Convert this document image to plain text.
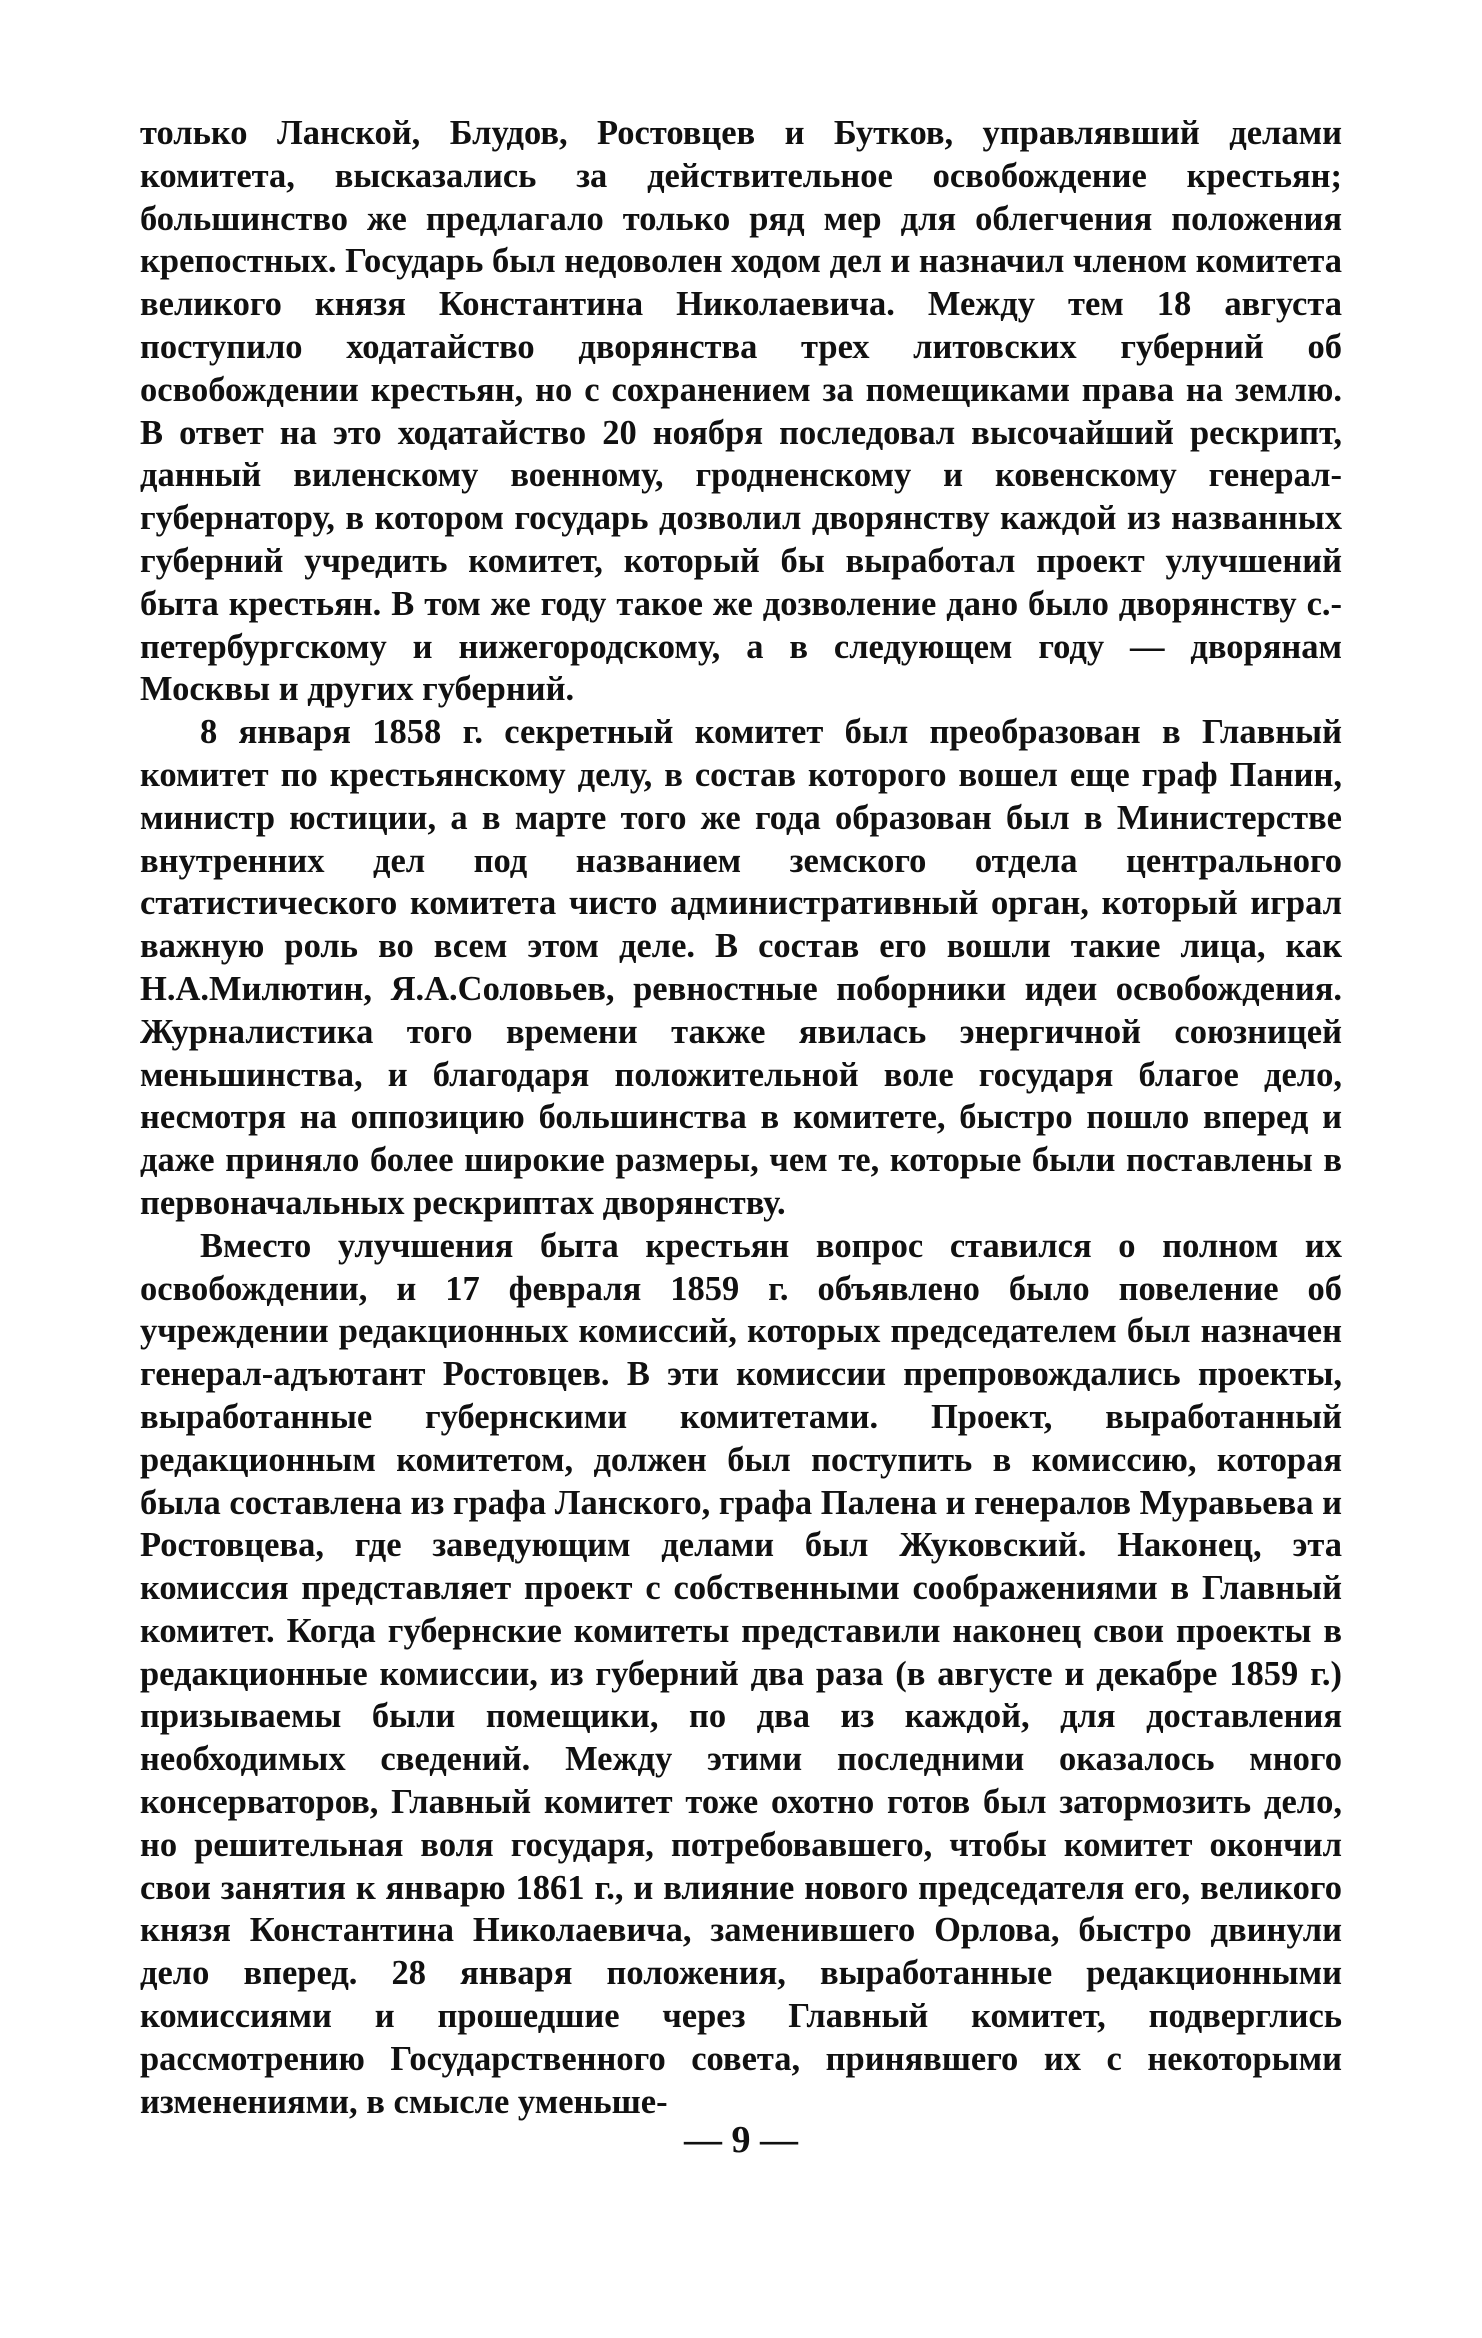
только Ланской, Блудов, Ростовцев и Бутков, управлявший делами комитета, высказались за действительное освобождение крестьян; большинство же предлагало только ряд мер для облегчения положения крепостных. Государь был недоволен ходом дел и назначил членом комитета великого князя Константина Николаевича. Между тем 18 августа поступило ходатайство дворянства трех литовских губерний об освобождении крестьян, но с сохранением за помещиками права на землю. В ответ на это ходатайство 20 ноября последовал высочайший рескрипт, данный виленскому военному, гродненскому и ковенскому генерал-губернатору, в котором государь дозволил дворянству каждой из названных губерний учредить комитет, который бы выработал проект улучшений быта крестьян. В том же году такое же дозволение дано было дворянству с.-петербургскому и нижегородскому, а в следующем году — дворянам Москвы и других губерний.

8 января 1858 г. секретный комитет был преобразован в Главный комитет по крестьянскому делу, в состав которого вошел еще граф Панин, министр юстиции, а в марте того же года образован был в Министерстве внутренних дел под названием земского отдела центрального статистического комитета чисто административный орган, который играл важную роль во всем этом деле. В состав его вошли такие лица, как Н.А.Милютин, Я.А.Соловьев, ревностные поборники идеи освобождения. Журналистика того времени также явилась энергичной союзницей меньшинства, и благодаря положительной воле государя благое дело, несмотря на оппозицию большинства в комитете, быстро пошло вперед и даже приняло более широкие размеры, чем те, которые были поставлены в первоначальных рескриптах дворянству.

Вместо улучшения быта крестьян вопрос ставился о полном их освобождении, и 17 февраля 1859 г. объявлено было повеление об учреждении редакционных комиссий, которых председателем был назначен генерал-адъютант Ростовцев. В эти комиссии препровождались проекты, выработанные губернскими комитетами. Проект, выработанный редакционным комитетом, должен был поступить в комиссию, которая была составлена из графа Ланского, графа Палена и генералов Муравьева и Ростовцева, где заведующим делами был Жуковский. Наконец, эта комиссия представляет проект с собственными соображениями в Главный комитет. Когда губернские комитеты представили наконец свои проекты в редакционные комиссии, из губерний два раза (в августе и декабре 1859 г.) призываемы были помещики, по два из каждой, для доставления необходимых сведений. Между этими последними оказалось много консерваторов, Главный комитет тоже охотно готов был затормозить дело, но решительная воля государя, потребовавшего, чтобы комитет окончил свои занятия к январю 1861 г., и влияние нового председателя его, великого князя Константина Николаевича, заменившего Орлова, быстро двинули дело вперед. 28 января положения, выработанные редакционными комиссиями и прошедшие через Главный комитет, подверглись рассмотрению Государственного совета, принявшего их с некоторыми изменениями, в смысле уменьше-

— 9 —
